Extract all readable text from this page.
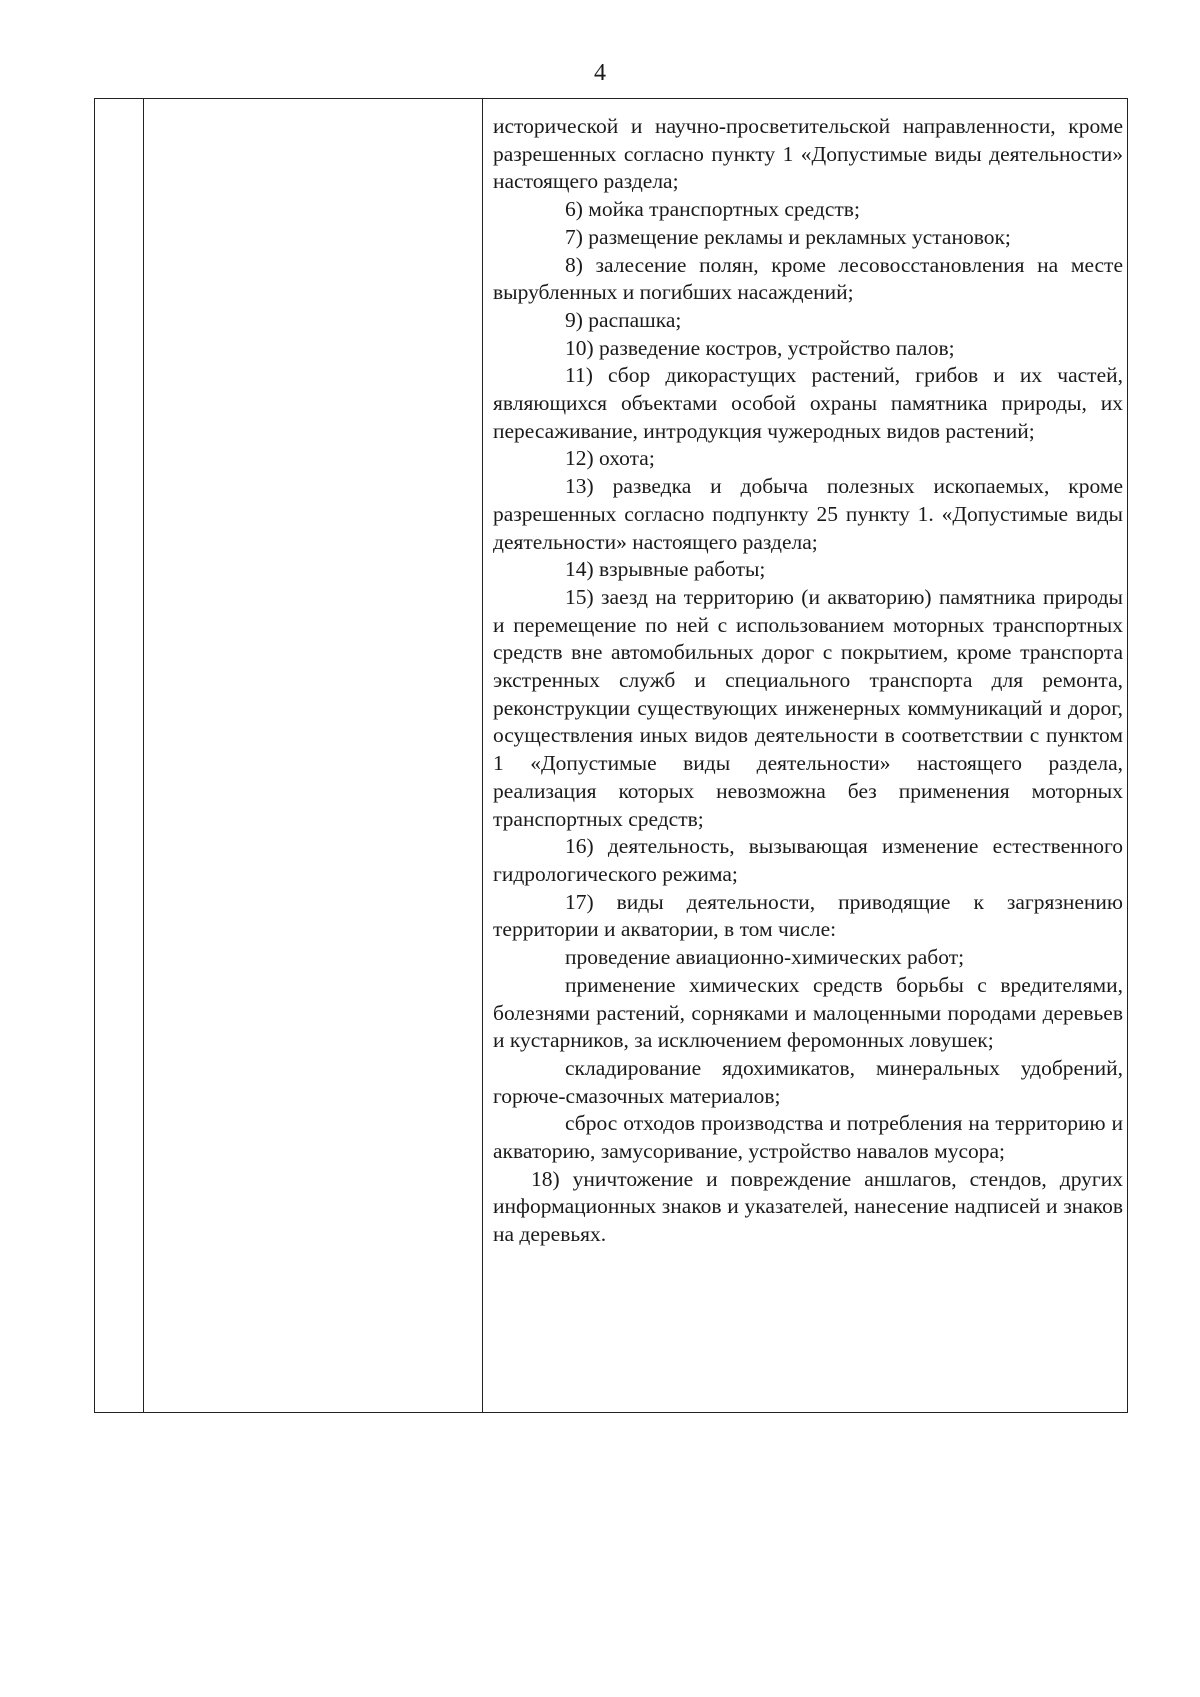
4

исторической и научно-просветительской направленности, кроме разрешенных согласно пункту 1 «Допустимые виды деятельности» настоящего раздела;

6) мойка транспортных средств;

7) размещение рекламы и рекламных установок;

8) залесение полян, кроме лесовосстановления на месте вырубленных и погибших насаждений;

9) распашка;

10) разведение костров, устройство палов;

11) сбор дикорастущих растений, грибов и их частей, являющихся объектами особой охраны памятника природы, их пересаживание, интродукция чужеродных видов растений;

12) охота;

13) разведка и добыча полезных ископаемых, кроме разрешенных согласно подпункту 25 пункту 1. «Допустимые виды деятельности» настоящего раздела;

14) взрывные работы;

15) заезд на территорию (и акваторию) памятника природы и перемещение по ней с использованием моторных транспортных средств вне автомобильных дорог с покрытием, кроме транспорта экстренных служб и специального транспорта для ремонта, реконструкции существующих инженерных коммуникаций и дорог, осуществления иных видов деятельности в соответствии с пунктом 1 «Допустимые виды деятельности» настоящего раздела, реализация которых невозможна без применения моторных транспортных средств;

16) деятельность, вызывающая изменение естественного гидрологического режима;

17) виды деятельности, приводящие к загрязнению территории и акватории, в том числе:

проведение авиационно-химических работ;

применение химических средств борьбы с вредителями, болезнями растений, сорняками и малоценными породами деревьев и кустарников, за исключением феромонных ловушек;

складирование ядохимикатов, минеральных удобрений, горюче-смазочных материалов;

сброс отходов производства и потребления на территорию и акваторию, замусоривание, устройство навалов мусора;

18) уничтожение и повреждение аншлагов, стендов, других информационных знаков и указателей, нанесение надписей и знаков на деревьях.
